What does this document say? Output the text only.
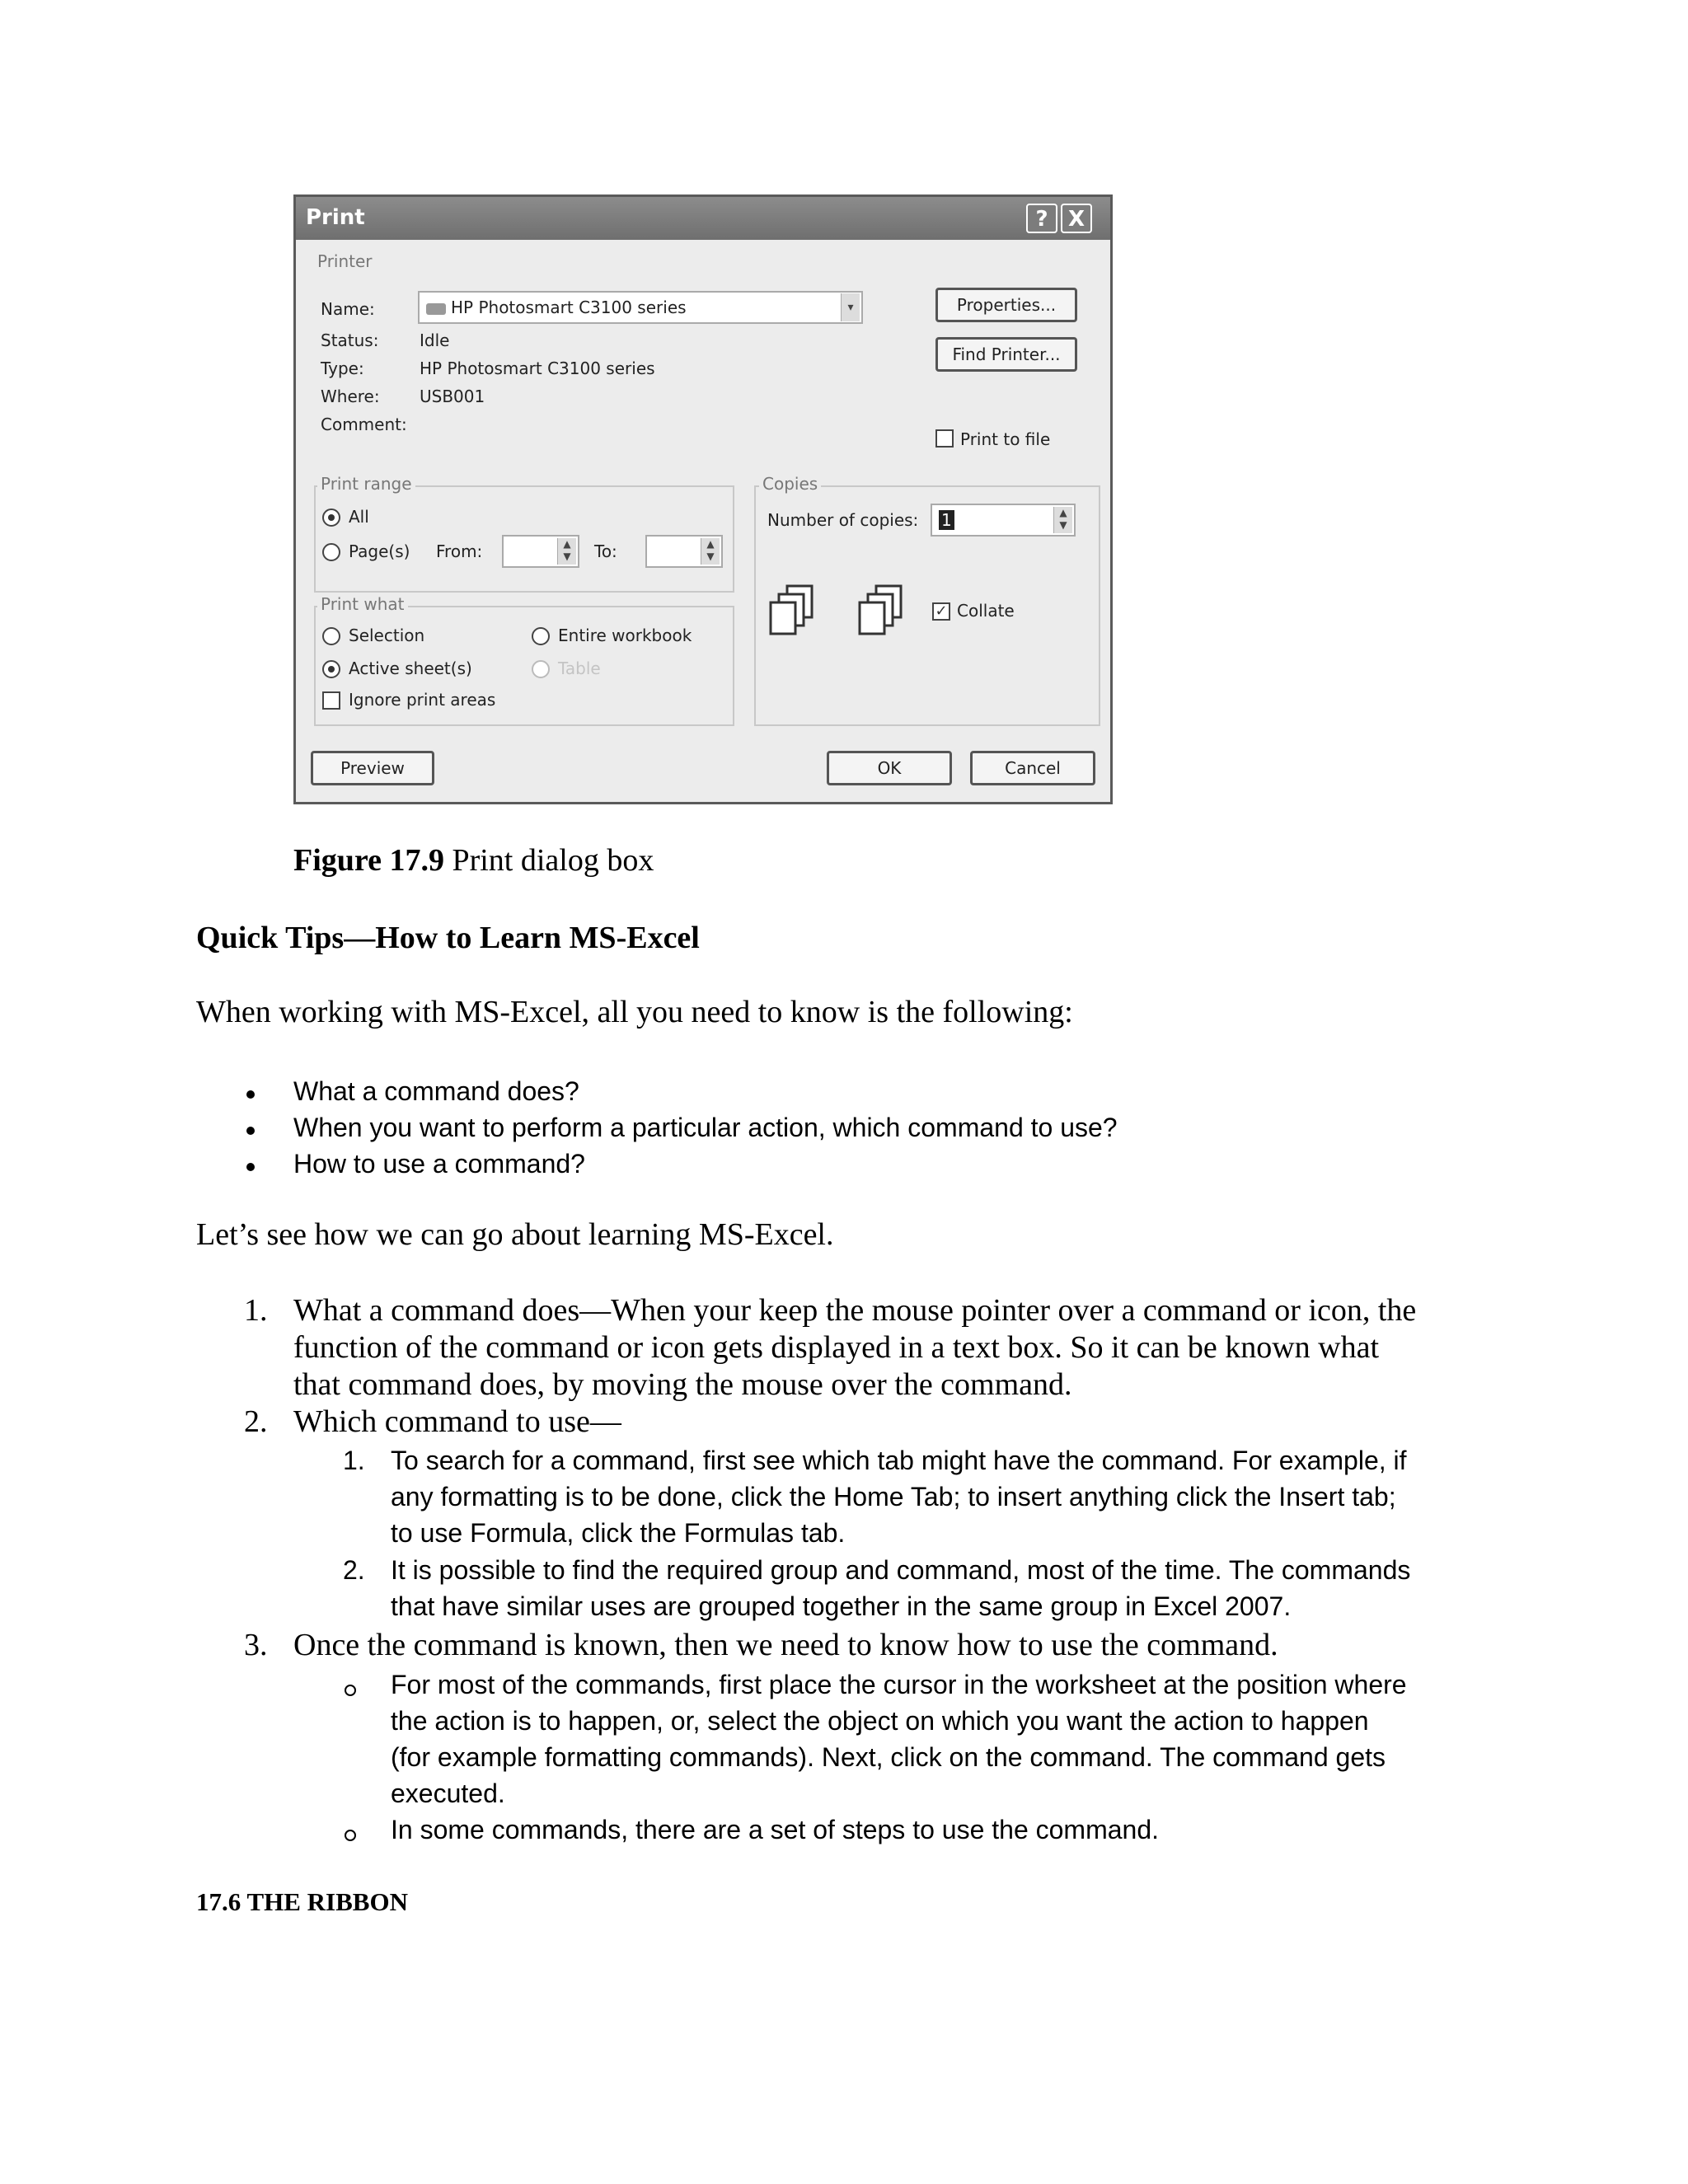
Print	? X
Printer
Name:	HP Photosmart C3100 series	▾
Status: Idle
Type:	HP Photosmart C3100 series
Where: USB001
Comment:
Properties...
Find Printer...
Print to file
Print range
All
Page(s) From:	▲
▼	To:	▲
▼
Copies
Number of copies:	1	▲
▼
✓ Collate
Print what
Selection	Entire workbook
Active sheet(s)	Table
Ignore print areas
Preview	OK	Cancel
Figure 17.9 Print dialog box
Quick Tips—How to Learn MS-Excel
When working with MS-Excel, all you need to know is the following:
What a command does?
When you want to perform a particular action, which command to use?
How to use a command?
Let’s see how we can go about learning MS-Excel.
1. What a command does—When your keep the mouse pointer over a command or icon, the
function of the command or icon gets displayed in a text box. So it can be known what
that command does, by moving the mouse over the command.
2. Which command to use—
1. To search for a command, first see which tab might have the command. For example, if
any formatting is to be done, click the Home Tab; to insert anything click the Insert tab;
to use Formula, click the Formulas tab.
2. It is possible to find the required group and command, most of the time. The commands
that have similar uses are grouped together in the same group in Excel 2007.
3. Once the command is known, then we need to know how to use the command.
For most of the commands, first place the cursor in the worksheet at the position where
the action is to happen, or, select the object on which you want the action to happen
(for example formatting commands). Next, click on the command. The command gets
executed.
In some commands, there are a set of steps to use the command.
17.6 THE RIBBON
